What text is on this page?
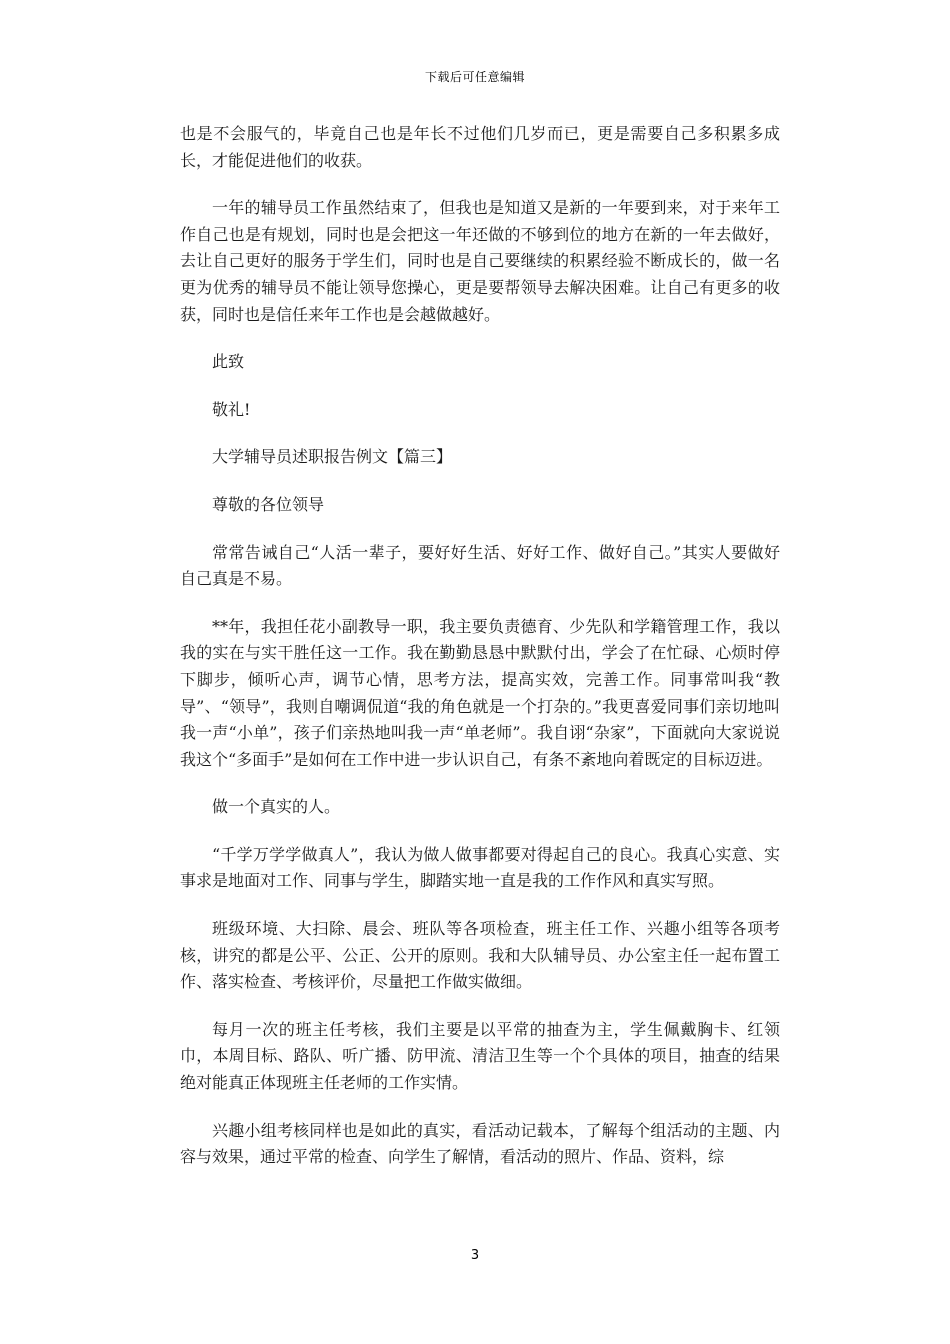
下载后可任意编辑

也是不会服气的，毕竟自己也是年长不过他们几岁而已，更是需要自己多积累多成长，才能促进他们的收获。

一年的辅导员工作虽然结束了，但我也是知道又是新的一年要到来，对于来年工作自己也是有规划，同时也是会把这一年还做的不够到位的地方在新的一年去做好，去让自己更好的服务于学生们，同时也是自己要继续的积累经验不断成长的，做一名更为优秀的辅导员不能让领导您操心，更是要帮领导去解决困难。让自己有更多的收获，同时也是信任来年工作也是会越做越好。

此致

敬礼!

大学辅导员述职报告例文【篇三】

尊敬的各位领导

常常告诫自己“人活一辈子，要好好生活、好好工作、做好自己。”其实人要做好自己真是不易。

**年，我担任花小副教导一职，我主要负责德育、少先队和学籍管理工作，我以我的实在与实干胜任这一工作。我在勤勤恳恳中默默付出，学会了在忙碌、心烦时停下脚步，倾听心声，调节心情，思考方法，提高实效，完善工作。同事常叫我“教导”、“领导”，我则自嘲调侃道“我的角色就是一个打杂的。”我更喜爱同事们亲切地叫我一声“小单”，孩子们亲热地叫我一声“单老师”。我自诩“杂家”，下面就向大家说说我这个“多面手”是如何在工作中进一步认识自己，有条不紊地向着既定的目标迈进。

做一个真实的人。

“千学万学学做真人”，我认为做人做事都要对得起自己的良心。我真心实意、实事求是地面对工作、同事与学生，脚踏实地一直是我的工作作风和真实写照。

班级环境、大扫除、晨会、班队等各项检查，班主任工作、兴趣小组等各项考核，讲究的都是公平、公正、公开的原则。我和大队辅导员、办公室主任一起布置工作、落实检查、考核评价，尽量把工作做实做细。

每月一次的班主任考核，我们主要是以平常的抽查为主，学生佩戴胸卡、红领巾，本周目标、路队、听广播、防甲流、清洁卫生等一个个具体的项目，抽查的结果绝对能真正体现班主任老师的工作实情。

兴趣小组考核同样也是如此的真实，看活动记载本，了解每个组活动的主题、内容与效果，通过平常的检查、向学生了解情，看活动的照片、作品、资料，综

3
